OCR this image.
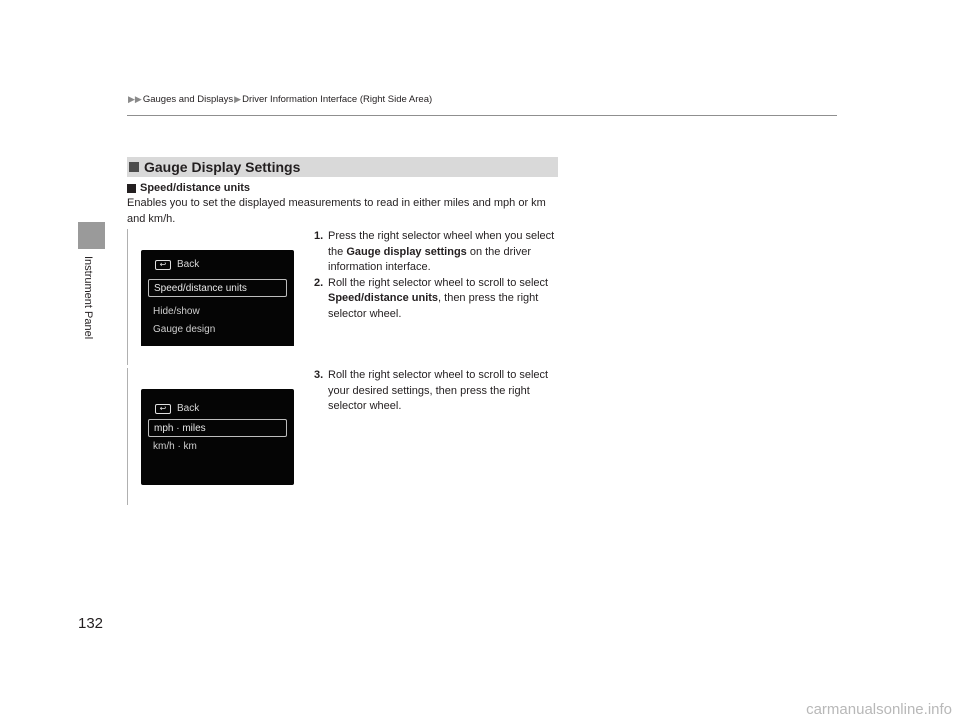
Instrument Panel
▶▶ Gauges and Displays ▶ Driver Information Interface (Right Side Area)
Gauge Display Settings
Speed/distance units
Enables you to set the displayed measurements to read in either miles and mph or km and km/h.
↩	Back
Speed/distance units
Hide/show
Gauge design
↩	Back
mph · miles
km/h · km
1. Press the right selector wheel when you select the Gauge display settings on the driver information interface.
2. Roll the right selector wheel to scroll to select Speed/distance units, then press the right selector wheel.
3. Roll the right selector wheel to scroll to select your desired settings, then press the right selector wheel.
132
carmanualsonline.info
